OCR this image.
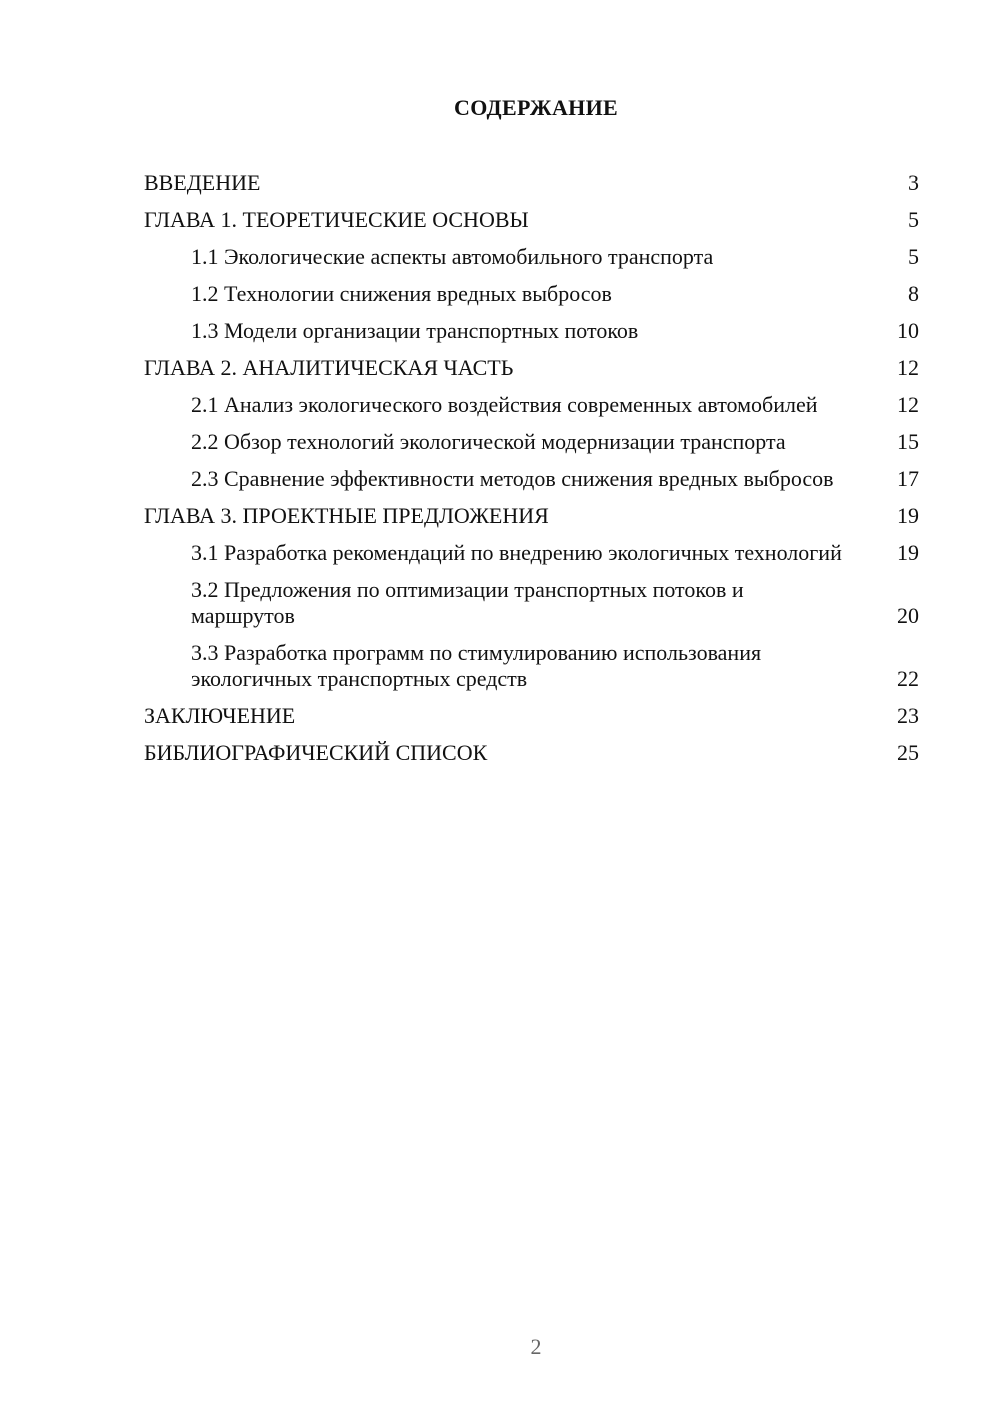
СОДЕРЖАНИЕ
ВВЕДЕНИЕ	3
ГЛАВА 1. ТЕОРЕТИЧЕСКИЕ ОСНОВЫ	5
1.1 Экологические аспекты автомобильного транспорта	5
1.2 Технологии снижения вредных выбросов	8
1.3 Модели организации транспортных потоков	10
ГЛАВА 2. АНАЛИТИЧЕСКАЯ ЧАСТЬ	12
2.1 Анализ экологического воздействия современных автомобилей	12
2.2 Обзор технологий экологической модернизации транспорта	15
2.3 Сравнение эффективности методов снижения вредных выбросов	17
ГЛАВА 3. ПРОЕКТНЫЕ ПРЕДЛОЖЕНИЯ	19
3.1 Разработка рекомендаций по внедрению экологичных технологий	19
3.2 Предложения по оптимизации транспортных потоков и маршрутов	20
3.3 Разработка программ по стимулированию использования экологичных транспортных средств	22
ЗАКЛЮЧЕНИЕ	23
БИБЛИОГРАФИЧЕСКИЙ СПИСОК	25
2
